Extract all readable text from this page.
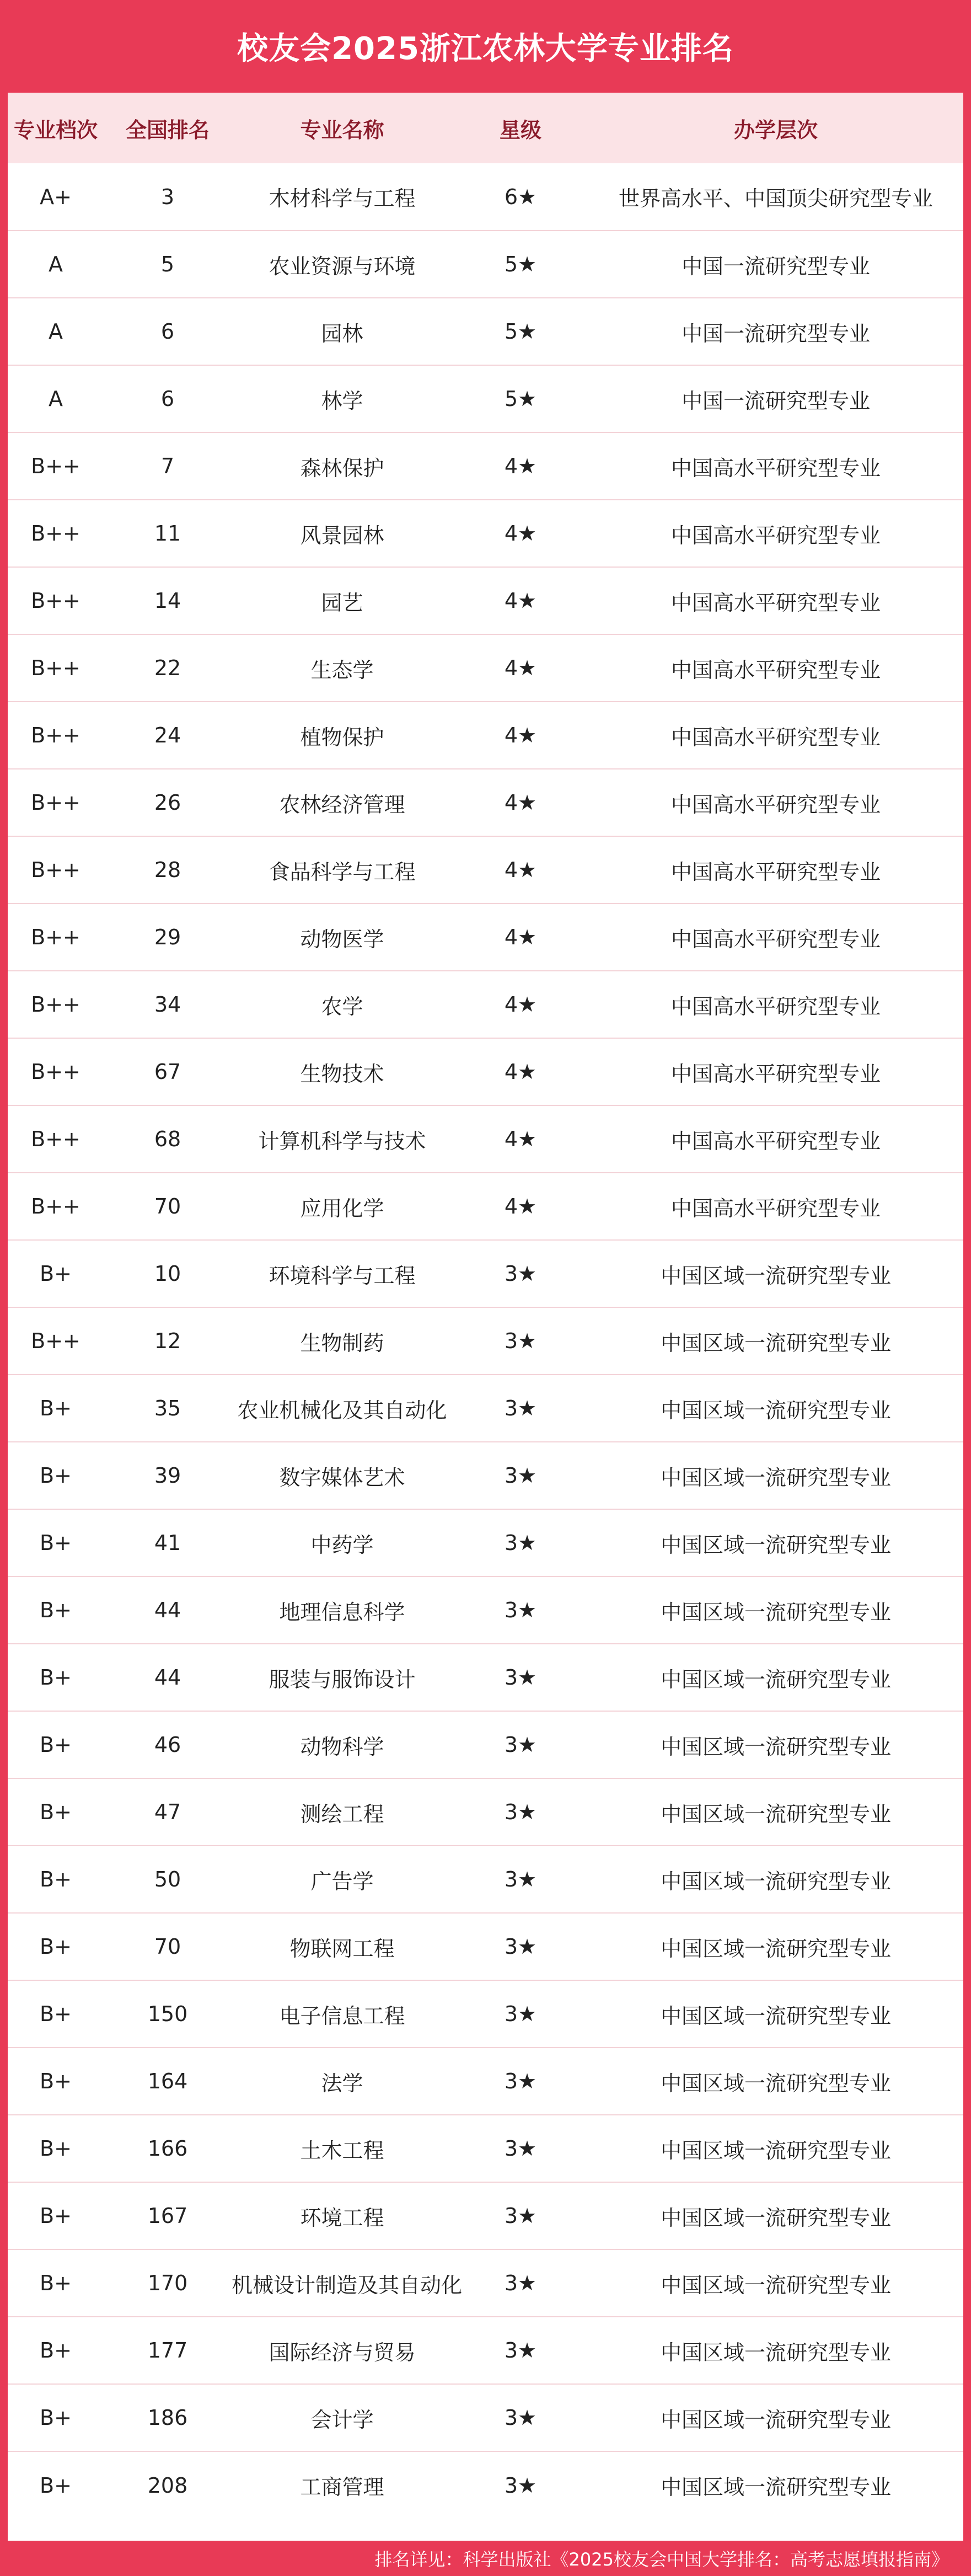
校友会2025浙江农林大学专业排名
专业档次	全国排名	专业名称	星级	办学层次
A+	3	木材科学与工程	6★	世界高水平、中国顶尖研究型专业
A	5	农业资源与环境	5★	中国一流研究型专业
A	6	园林	5★	中国一流研究型专业
A	6	林学	5★	中国一流研究型专业
B++	7	森林保护	4★	中国高水平研究型专业
B++	11	风景园林	4★	中国高水平研究型专业
B++	14	园艺	4★	中国高水平研究型专业
B++	22	生态学	4★	中国高水平研究型专业
B++	24	植物保护	4★	中国高水平研究型专业
B++	26	农林经济管理	4★	中国高水平研究型专业
B++	28	食品科学与工程	4★	中国高水平研究型专业
B++	29	动物医学	4★	中国高水平研究型专业
B++	34	农学	4★	中国高水平研究型专业
B++	67	生物技术	4★	中国高水平研究型专业
B++	68	计算机科学与技术	4★	中国高水平研究型专业
B++	70	应用化学	4★	中国高水平研究型专业
B+	10	环境科学与工程	3★	中国区域一流研究型专业
B++	12	生物制药	3★	中国区域一流研究型专业
B+	35	农业机械化及其自动化	3★	中国区域一流研究型专业
B+	39	数字媒体艺术	3★	中国区域一流研究型专业
B+	41	中药学	3★	中国区域一流研究型专业
B+	44	地理信息科学	3★	中国区域一流研究型专业
B+	44	服装与服饰设计	3★	中国区域一流研究型专业
B+	46	动物科学	3★	中国区域一流研究型专业
B+	47	测绘工程	3★	中国区域一流研究型专业
B+	50	广告学	3★	中国区域一流研究型专业
B+	70	物联网工程	3★	中国区域一流研究型专业
B+	150	电子信息工程	3★	中国区域一流研究型专业
B+	164	法学	3★	中国区域一流研究型专业
B+	166	土木工程	3★	中国区域一流研究型专业
B+	167	环境工程	3★	中国区域一流研究型专业
B+	170	机械设计制造及其自动化	3★	中国区域一流研究型专业
B+	177	国际经济与贸易	3★	中国区域一流研究型专业
B+	186	会计学	3★	中国区域一流研究型专业
B+	208	工商管理	3★	中国区域一流研究型专业
排名详见：科学出版社《2025校友会中国大学排名：高考志愿填报指南》
